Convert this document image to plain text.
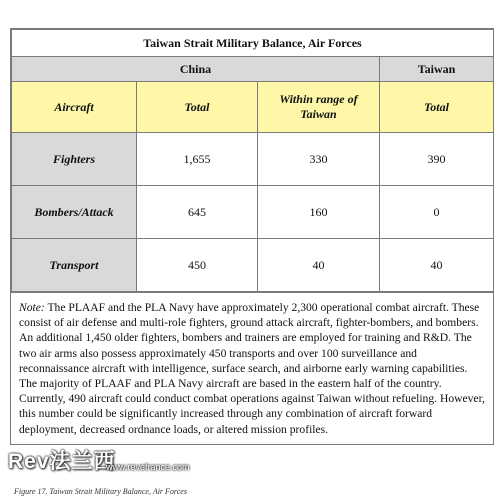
Taiwan Strait Military Balance, Air Forces			
China			Taiwan
Aircraft	Total	Within range of Taiwan	Total
Fighters	1,655	330	390
Bombers/Attack	645	160	0
Transport	450	40	40
Note: The PLAAF and the PLA Navy have approximately 2,300 operational combat aircraft. These consist of air defense and multi-role fighters, ground attack aircraft, fighter-bombers, and bombers. An additional 1,450 older fighters, bombers and trainers are employed for training and R&D. The two air arms also possess approximately 450 transports and over 100 surveillance and reconnaissance aircraft with intelligence, surface search, and airborne early warning capabilities. The majority of PLAAF and PLA Navy aircraft are based in the eastern half of the country. Currently, 490 aircraft could conduct combat operations against Taiwan without refueling. However, this number could be significantly increased through any combination of aircraft forward deployment, decreased ordnance loads, or altered mission profiles.
Rev法兰西
www.revefrance.com
Figure 17. Taiwan Strait Military Balance, Air Forces
